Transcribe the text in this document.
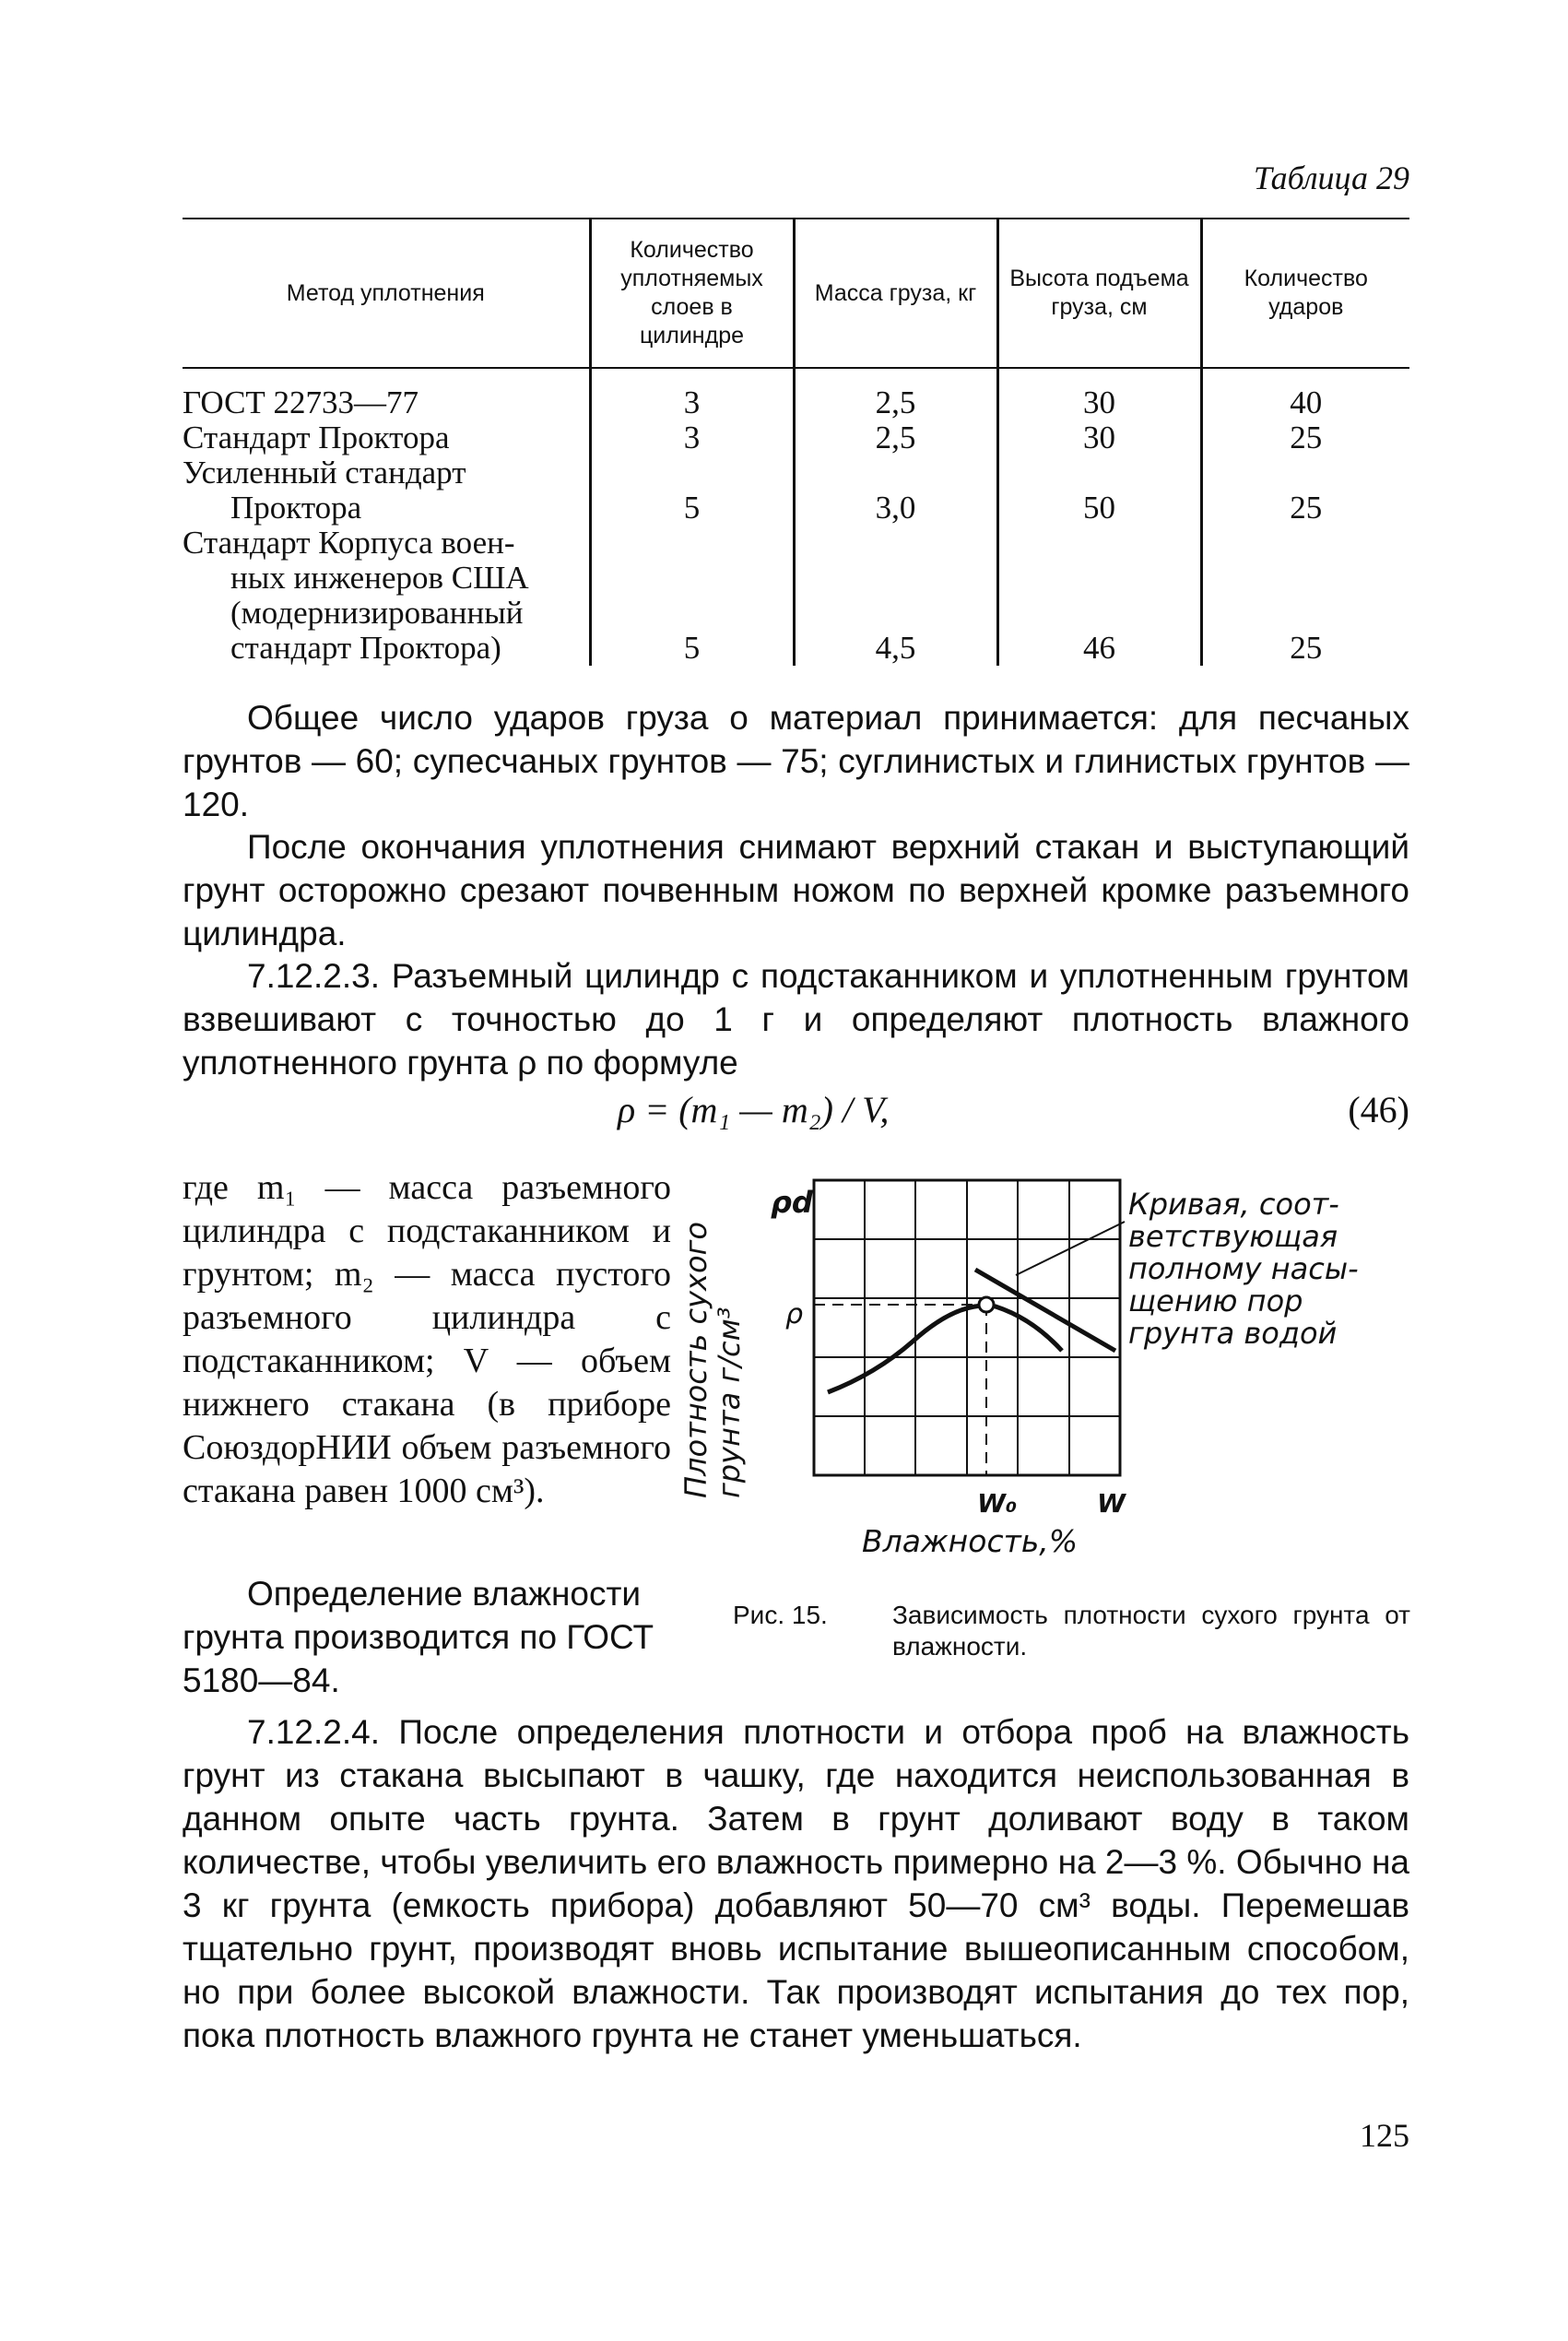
Таблица 29
Метод уплотнения	Количество уплотняемых слоев в цилиндре	Масса груза, кг	Высота подъема груза, см	Количество ударов

ГОСТ 22733—77	3	2,5	30	40
Стандарт Проктора	3	2,5	30	25

Усиленный стандарт
Проктора	5	3,0	50	25

Стандарт Корпуса воен-
ных инженеров США
(модернизированный
стандарт Проктора)	5	4,5	46	25

Общее число ударов груза о материал принимается: для песчаных грунтов — 60; супесчаных грунтов — 75; суглинистых и глинистых грунтов — 120.

После окончания уплотнения снимают верхний стакан и выступающий грунт осторожно срезают почвенным ножом по верхней кромке разъемного цилиндра.

7.12.2.3. Разъемный цилиндр с подстаканником и уплотненным грунтом взвешивают с точностью до 1 г и определяют плотность влажного уплотненного грунта ρ по формуле

ρ = (m₁ — m₂) / V,	(46)

где m₁ — масса разъемного цилиндра с подстаканником и грунтом; m₂ — масса пустого разъемного цилиндра с подстаканником; V — объем нижнего стакана (в приборе СоюздорНИИ объем разъемного стакана равен 1000 см³).

Определение влажности грунта производится по ГОСТ 5180—84.

Плотность сухого
грунта г/см³
ρd
ρ
Кривая, соот-
ветствующая
полному насы-
щению пор
грунта водой
W₀	W
Влажность,%
Рис. 15.	Зависимость плотности сухого грунта от влажности.

7.12.2.4. После определения плотности и отбора проб на влажность грунт из стакана высыпают в чашку, где находится неиспользованная в данном опыте часть грунта. Затем в грунт доливают воду в таком количестве, чтобы увеличить его влажность примерно на 2—3 %. Обычно на 3 кг грунта (емкость прибора) добавляют 50—70 см³ воды. Перемешав тщательно грунт, производят вновь испытание вышеописанным способом, но при более высокой влажности. Так производят испытания до тех пор, пока плотность влажного грунта не станет уменьшаться.

125
